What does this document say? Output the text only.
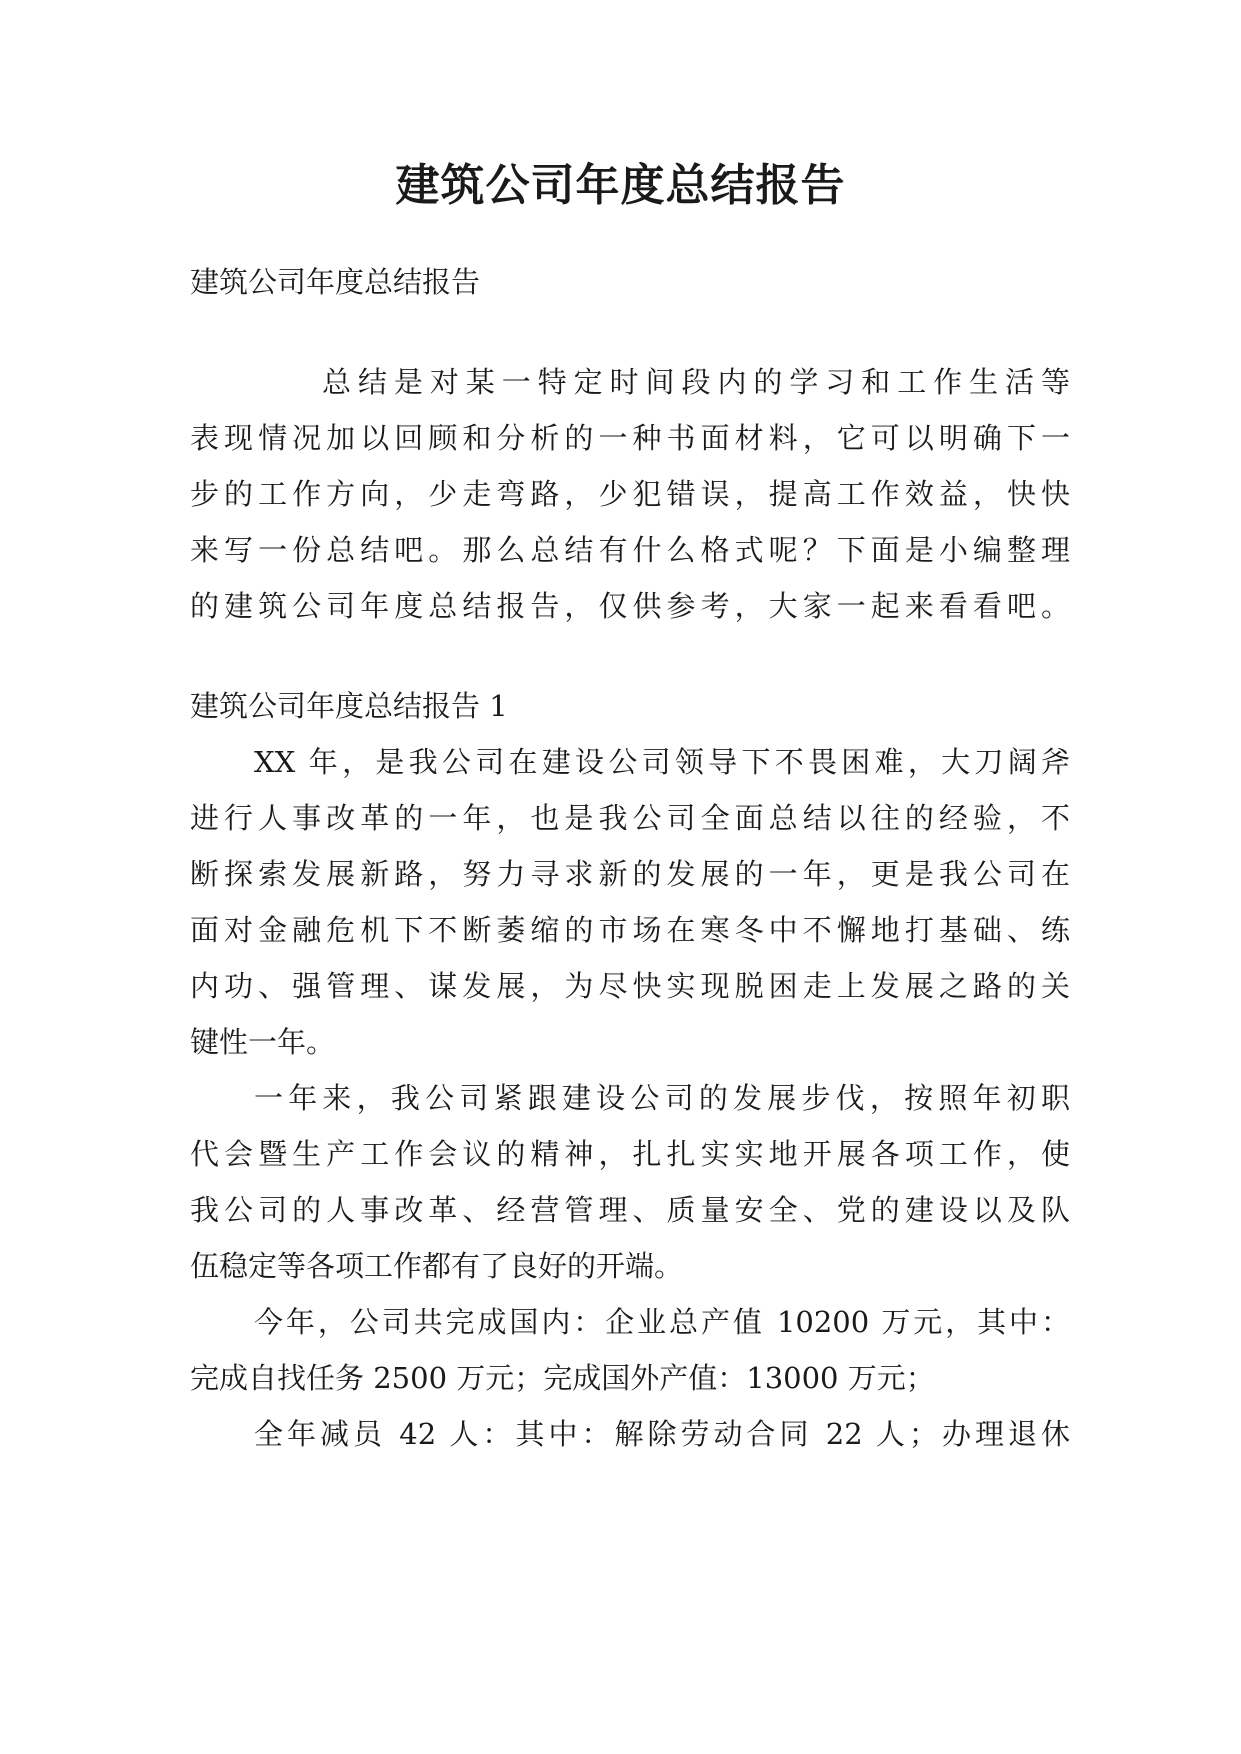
建筑公司年度总结报告
建筑公司年度总结报告
总结是对某一特定时间段内的学习和工作生活等
表现情况加以回顾和分析的一种书面材料，它可以明确下一
步的工作方向，少走弯路，少犯错误，提高工作效益，快快
来写一份总结吧。那么总结有什么格式呢？下面是小编整理
的建筑公司年度总结报告，仅供参考，大家一起来看看吧。
建筑公司年度总结报告 1
XX 年，是我公司在建设公司领导下不畏困难，大刀阔斧
进行人事改革的一年，也是我公司全面总结以往的经验，不
断探索发展新路，努力寻求新的发展的一年，更是我公司在
面对金融危机下不断萎缩的市场在寒冬中不懈地打基础、练
内功、强管理、谋发展，为尽快实现脱困走上发展之路的关
键性一年。
一年来，我公司紧跟建设公司的发展步伐，按照年初职
代会暨生产工作会议的精神，扎扎实实地开展各项工作，使
我公司的人事改革、经营管理、质量安全、党的建设以及队
伍稳定等各项工作都有了良好的开端。
今年，公司共完成国内：企业总产值 10200 万元，其中：
完成自找任务 2500 万元；完成国外产值：13000 万元；
全年减员 42 人：其中：解除劳动合同 22 人；办理退休
